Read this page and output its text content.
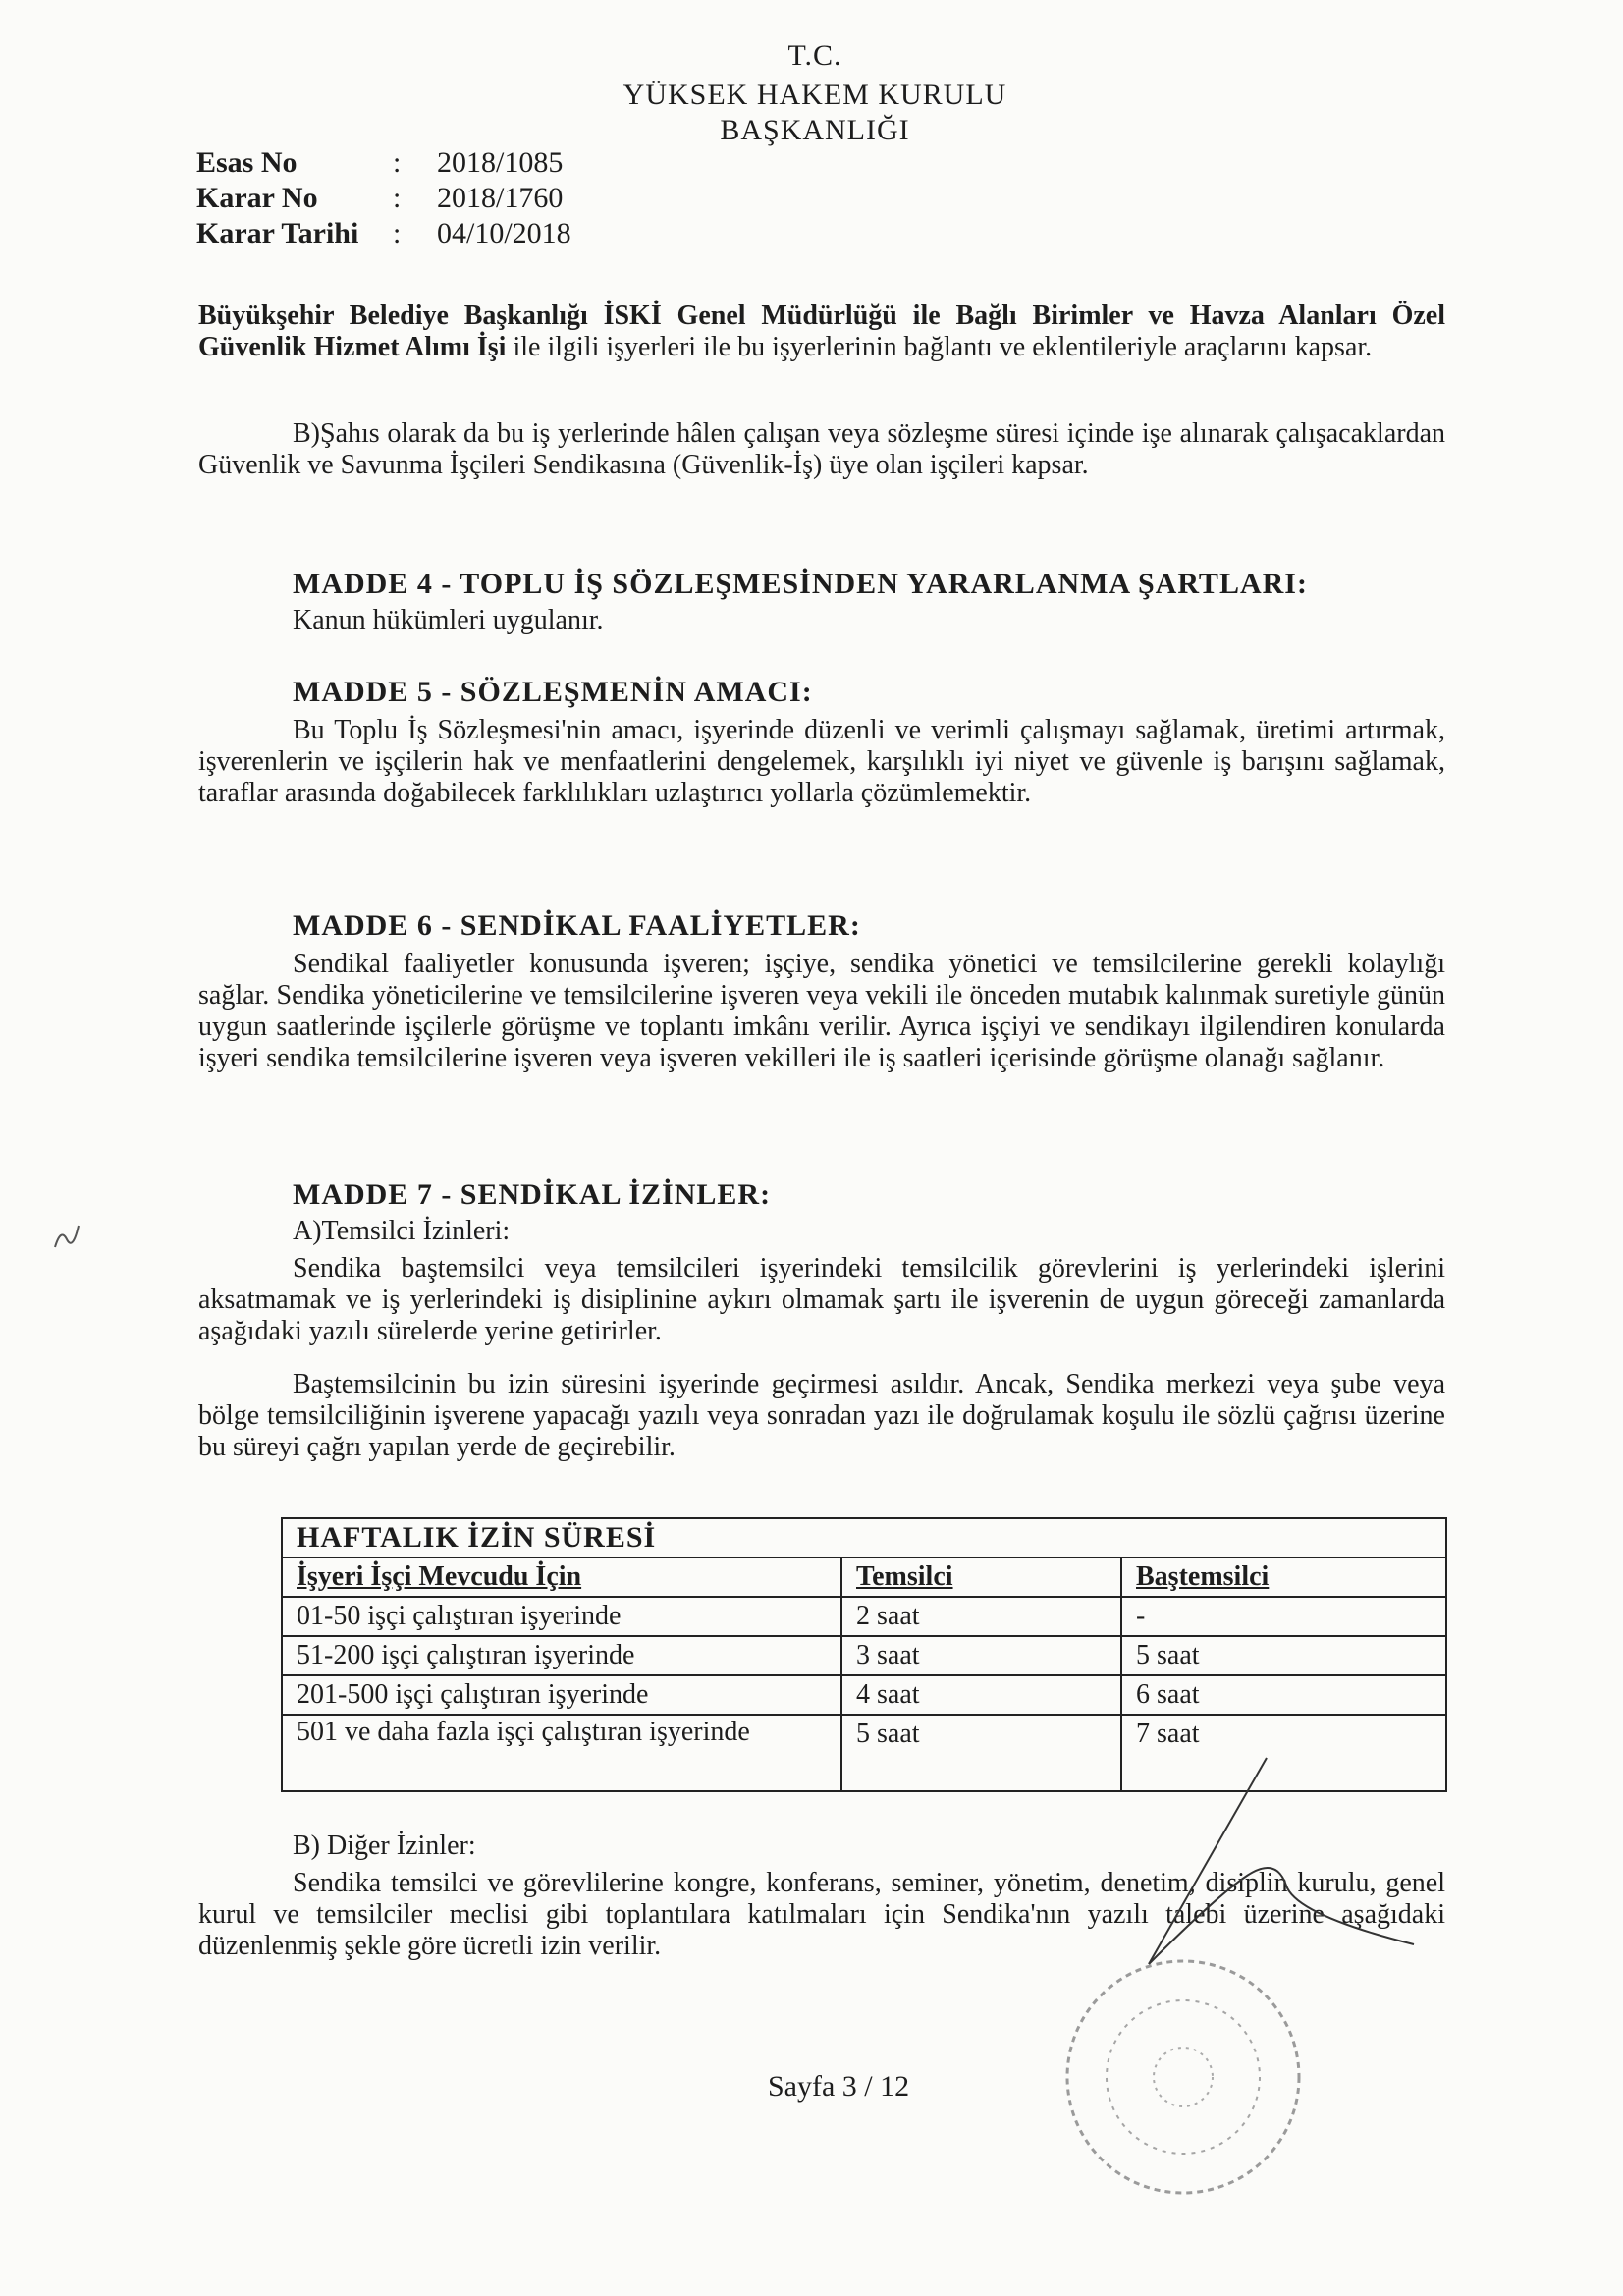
T.C.
YÜKSEK HAKEM KURULU
BAŞKANLIĞI
Esas No	:	2018/1085
Karar No	:	2018/1760
Karar Tarihi	:	04/10/2018
Büyükşehir Belediye Başkanlığı İSKİ Genel Müdürlüğü ile Bağlı Birimler ve Havza Alanları Özel Güvenlik Hizmet Alımı İşi ile ilgili işyerleri ile bu işyerlerinin bağlantı ve eklentileriyle araçlarını kapsar.
B)Şahıs olarak da bu iş yerlerinde hâlen çalışan veya sözleşme süresi içinde işe alınarak çalışacaklardan Güvenlik ve Savunma İşçileri Sendikasına (Güvenlik-İş) üye olan işçileri kapsar.
MADDE 4 - TOPLU İŞ SÖZLEŞMESİNDEN YARARLANMA ŞARTLARI:
Kanun hükümleri uygulanır.
MADDE 5 - SÖZLEŞMENİN AMACI:
Bu Toplu İş Sözleşmesi'nin amacı, işyerinde düzenli ve verimli çalışmayı sağlamak, üretimi artırmak, işverenlerin ve işçilerin hak ve menfaatlerini dengelemek, karşılıklı iyi niyet ve güvenle iş barışını sağlamak, taraflar arasında doğabilecek farklılıkları uzlaştırıcı yollarla çözümlemektir.
MADDE 6 - SENDİKAL FAALİYETLER:
Sendikal faaliyetler konusunda işveren; işçiye, sendika yönetici ve temsilcilerine gerekli kolaylığı sağlar. Sendika yöneticilerine ve temsilcilerine işveren veya vekili ile önceden mutabık kalınmak suretiyle günün uygun saatlerinde işçilerle görüşme ve toplantı imkânı verilir. Ayrıca işçiyi ve sendikayı ilgilendiren konularda işyeri sendika temsilcilerine işveren veya işveren vekilleri ile iş saatleri içerisinde görüşme olanağı sağlanır.
MADDE 7 - SENDİKAL İZİNLER:
A)Temsilci İzinleri:
Sendika baştemsilci veya temsilcileri işyerindeki temsilcilik görevlerini iş yerlerindeki işlerini aksatmamak ve iş yerlerindeki iş disiplinine aykırı olmamak şartı ile işverenin de uygun göreceği zamanlarda aşağıdaki yazılı sürelerde yerine getirirler.
Baştemsilcinin bu izin süresini işyerinde geçirmesi asıldır. Ancak, Sendika merkezi veya şube veya bölge temsilciliğinin işverene yapacağı yazılı veya sonradan yazı ile doğrulamak koşulu ile sözlü çağrısı üzerine bu süreyi çağrı yapılan yerde de geçirebilir.
HAFTALIK İZİN SÜRESİ		
İşyeri İşçi Mevcudu İçin	Temsilci	Baştemsilci
01-50 işçi çalıştıran işyerinde	2 saat	-
51-200 işçi çalıştıran işyerinde	3 saat	5 saat
201-500 işçi çalıştıran işyerinde	4 saat	6 saat
501 ve daha fazla işçi çalıştıran işyerinde	5 saat	7 saat
B) Diğer İzinler:
Sendika temsilci ve görevlilerine kongre, konferans, seminer, yönetim, denetim, disiplin kurulu, genel kurul ve temsilciler meclisi gibi toplantılara katılmaları için Sendika'nın yazılı talebi üzerine aşağıdaki düzenlenmiş şekle göre ücretli izin verilir.
Sayfa 3 / 12
